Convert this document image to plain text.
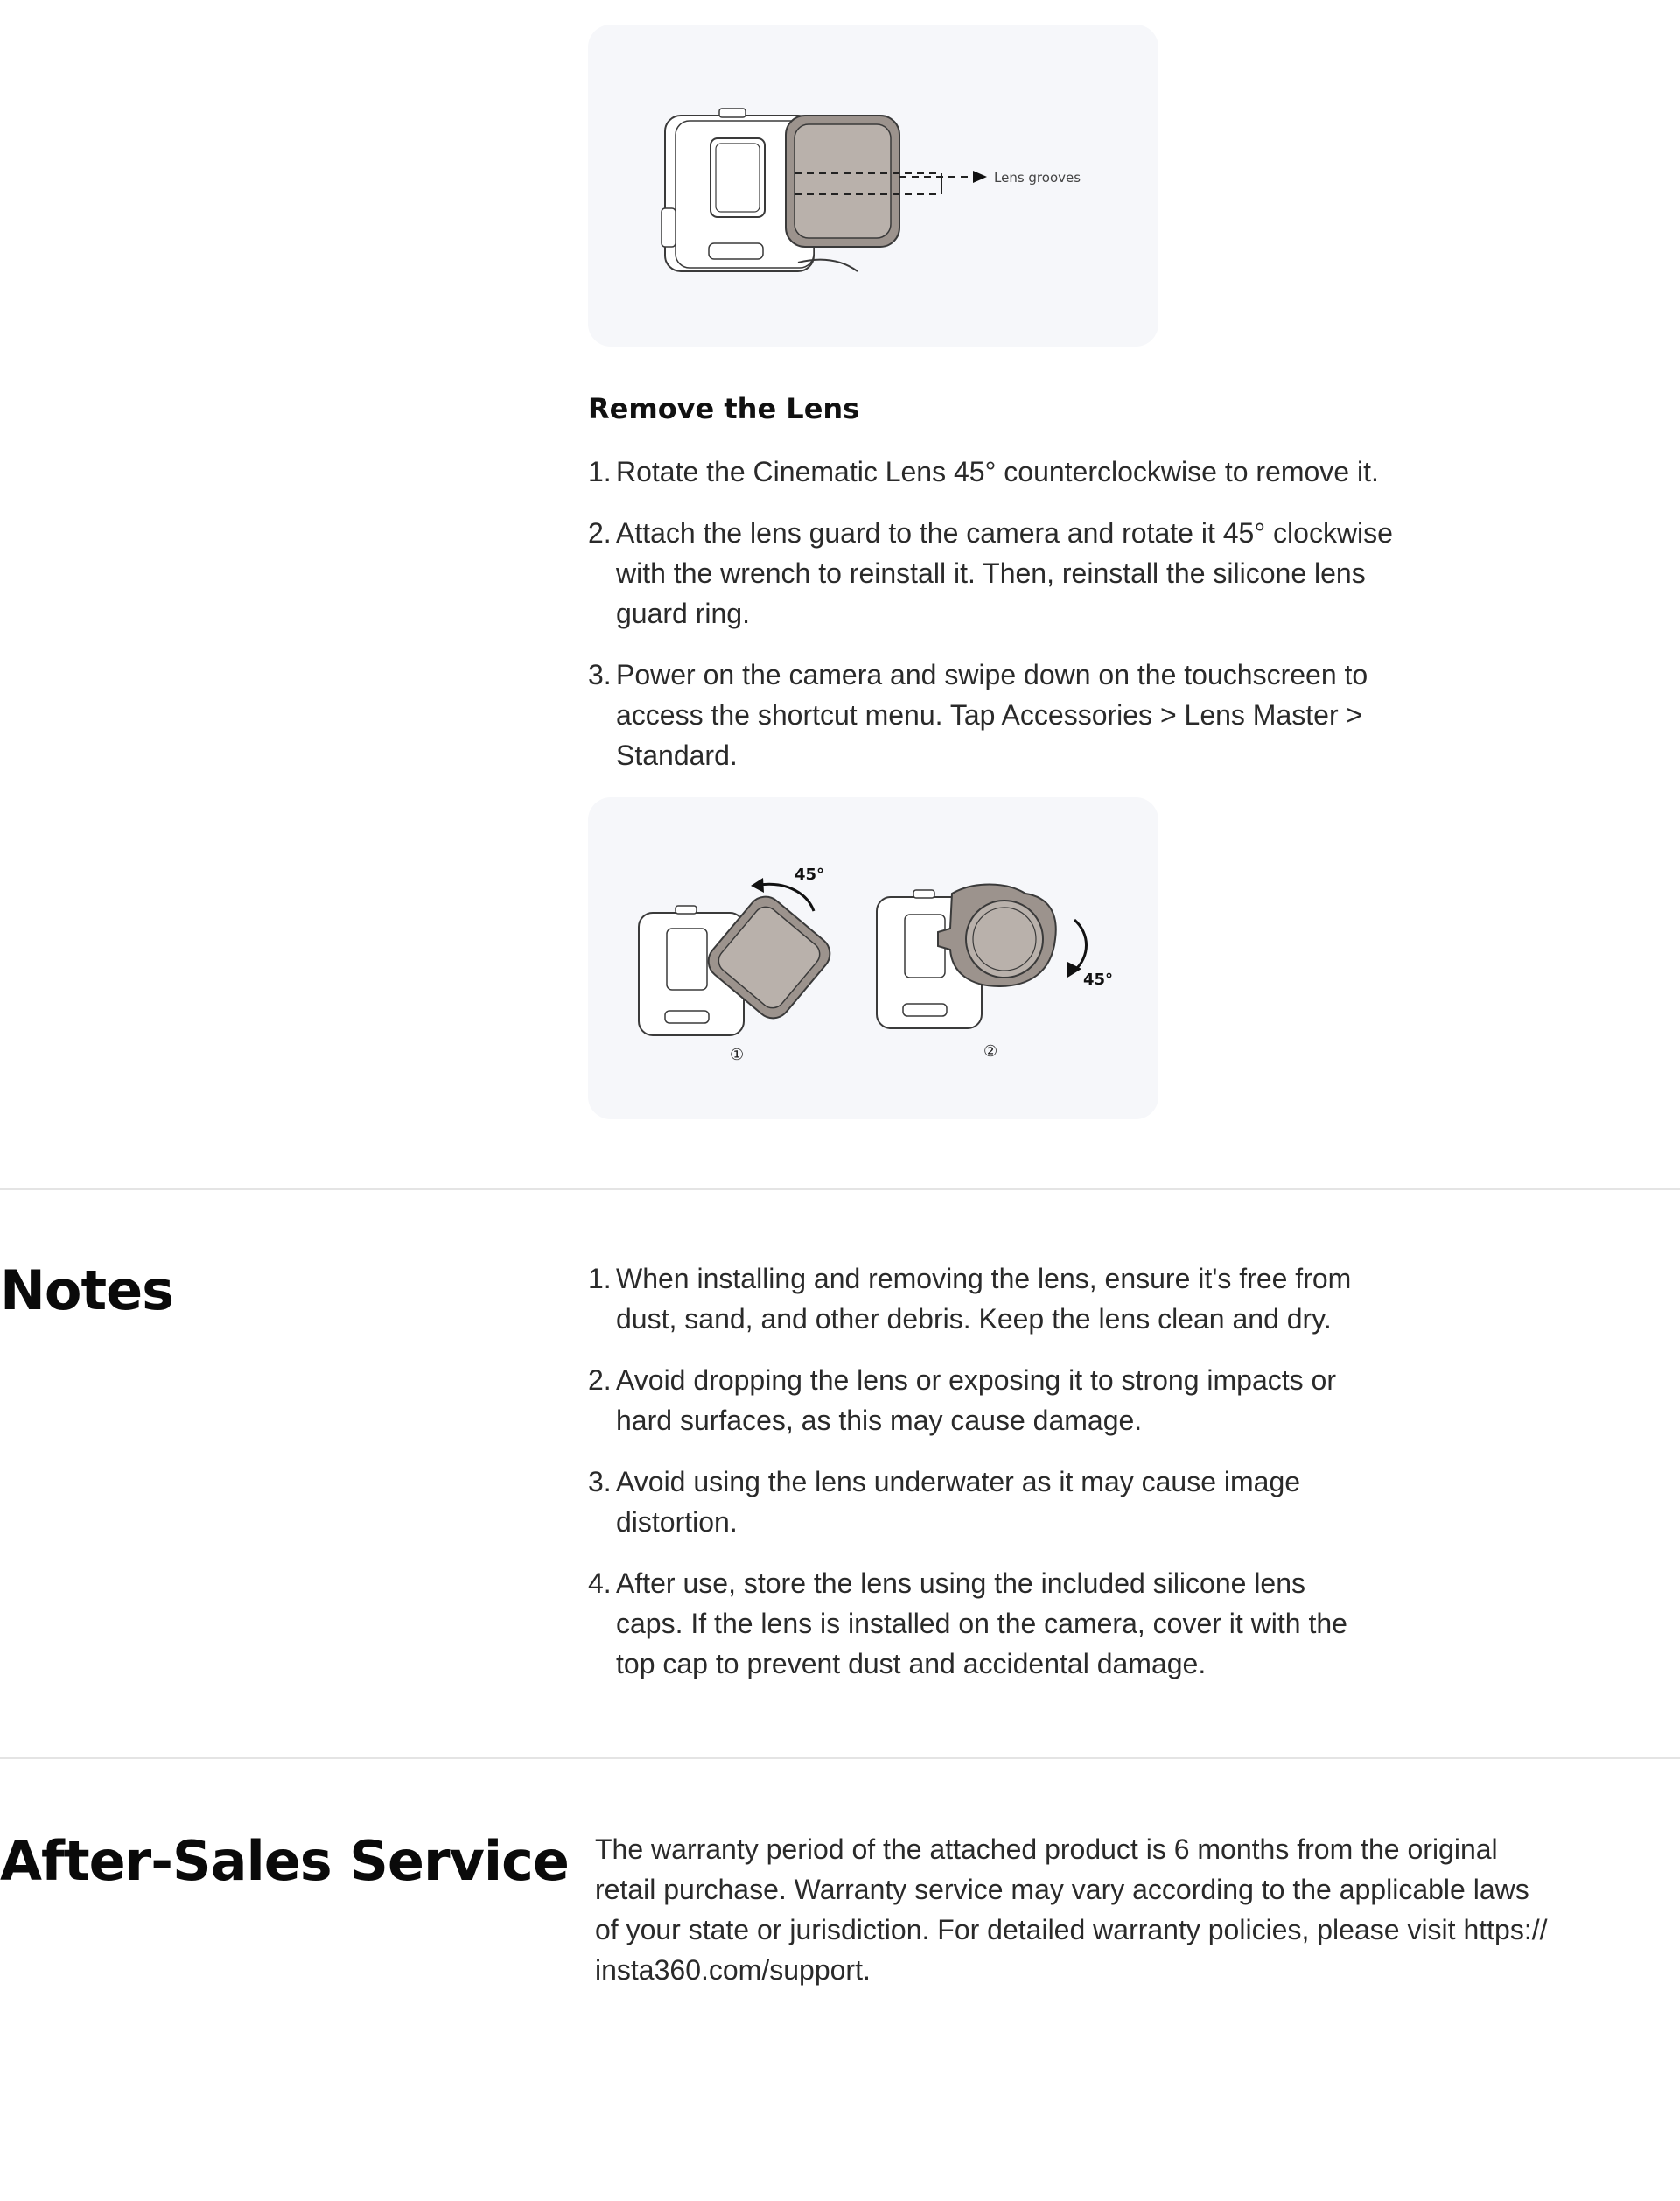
Lens grooves
Remove the Lens
1. Rotate the Cinematic Lens 45° counterclockwise to remove it.
2. Attach the lens guard to the camera and rotate it 45° clockwise with the wrench to reinstall it. Then, reinstall the silicone lens guard ring.
3. Power on the camera and swipe down on the touchscreen to access the shortcut menu. Tap Accessories > Lens Master > Standard.
45°
①
45°
②
Notes	1. When installing and removing the lens, ensure it's free from dust, sand, and other debris. Keep the lens clean and dry.
2. Avoid dropping the lens or exposing it to strong impacts or hard surfaces, as this may cause damage.
3. Avoid using the lens underwater as it may cause image distortion.
4. After use, store the lens using the included silicone lens caps. If the lens is installed on the camera, cover it with the top cap to prevent dust and accidental damage.
After-Sales Service The warranty period of the attached product is 6 months from the original retail purchase. Warranty service may vary according to the applicable laws of your state or jurisdiction. For detailed warranty policies, please visit https:// insta360.com/support.
